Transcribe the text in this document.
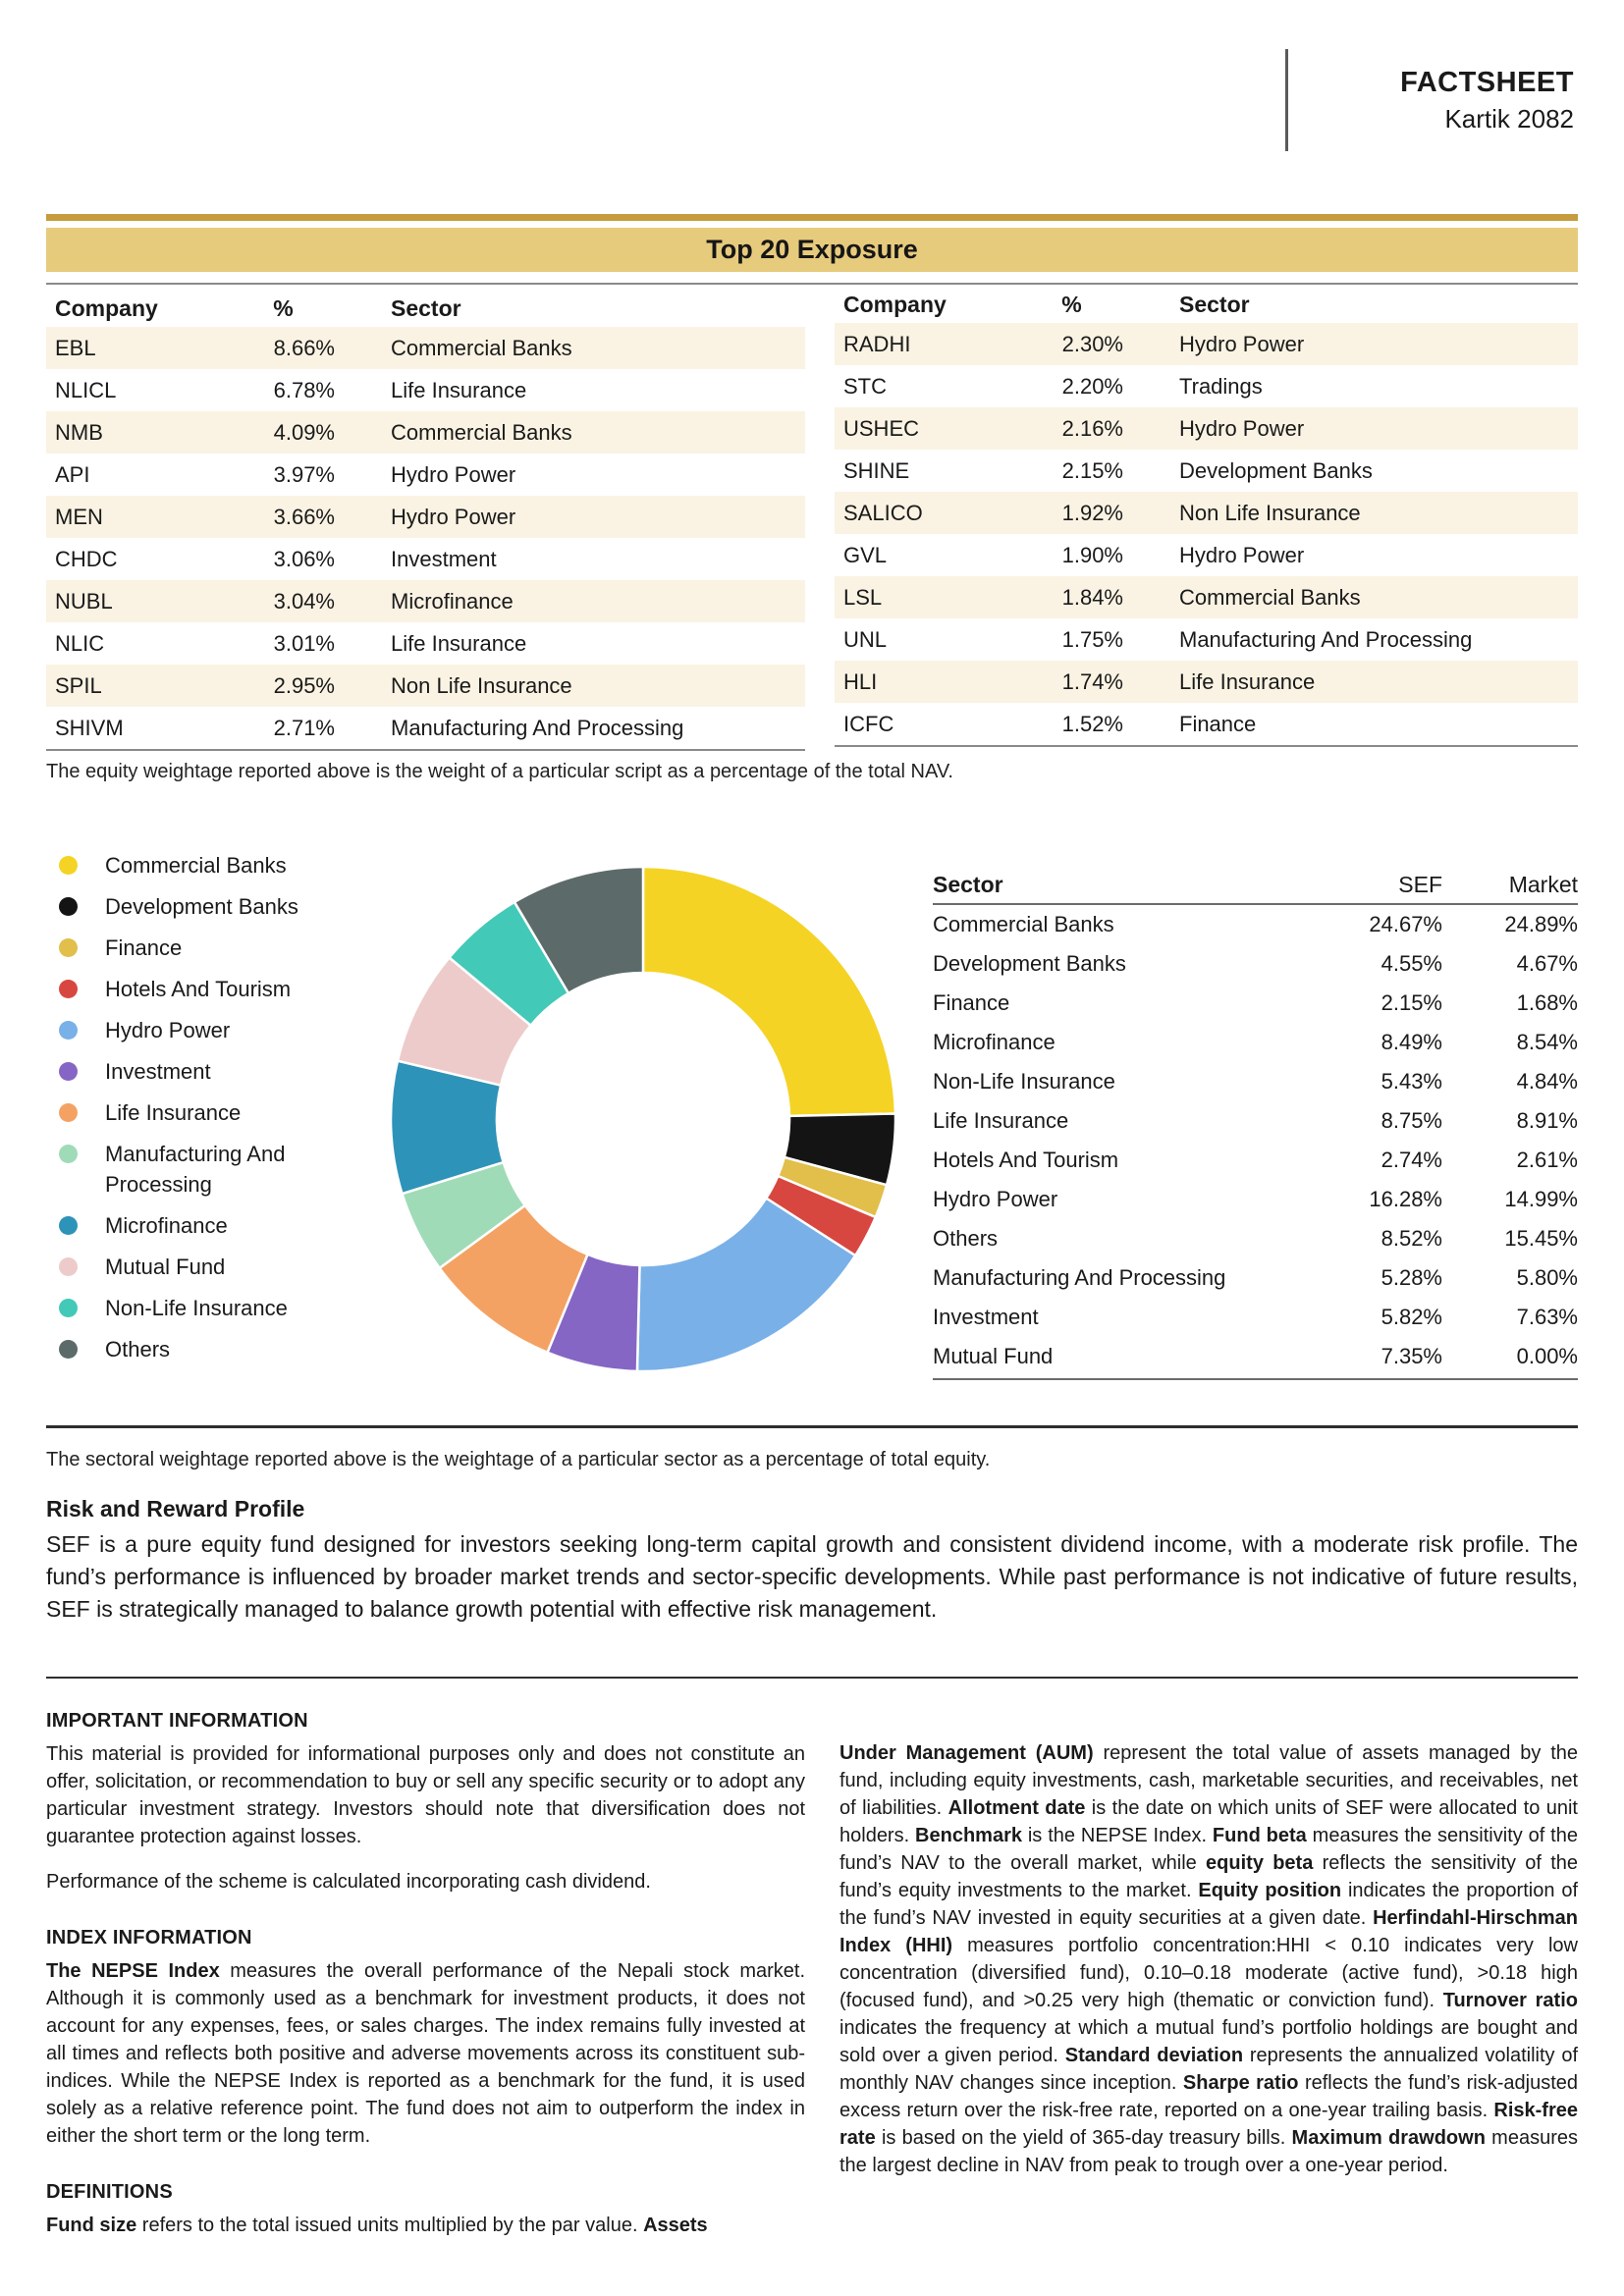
FACTSHEET
Kartik 2082
Top 20 Exposure
Company	%	Sector
EBL	8.66%	Commercial Banks
NLICL	6.78%	Life Insurance
NMB	4.09%	Commercial Banks
API	3.97%	Hydro Power
MEN	3.66%	Hydro Power
CHDC	3.06%	Investment
NUBL	3.04%	Microfinance
NLIC	3.01%	Life Insurance
SPIL	2.95%	Non Life Insurance
SHIVM	2.71%	Manufacturing And Processing
Company	%	Sector
RADHI	2.30%	Hydro Power
STC	2.20%	Tradings
USHEC	2.16%	Hydro Power
SHINE	2.15%	Development Banks
SALICO	1.92%	Non Life Insurance
GVL	1.90%	Hydro Power
LSL	1.84%	Commercial Banks
UNL	1.75%	Manufacturing And Processing
HLI	1.74%	Life Insurance
ICFC	1.52%	Finance
The equity weightage reported above is the weight of a particular script as a percentage of the total NAV.
Commercial Banks
Development Banks
Finance
Hotels And Tourism
Hydro Power
Investment
Life Insurance
Manufacturing And Processing
Microfinance
Mutual Fund
Non-Life Insurance
Others
Sector	SEF	Market
Commercial Banks	24.67%	24.89%
Development Banks	4.55%	4.67%
Finance	2.15%	1.68%
Microfinance	8.49%	8.54%
Non-Life Insurance	5.43%	4.84%
Life Insurance	8.75%	8.91%
Hotels And Tourism	2.74%	2.61%
Hydro Power	16.28%	14.99%
Others	8.52%	15.45%
Manufacturing And Processing	5.28%	5.80%
Investment	5.82%	7.63%
Mutual Fund	7.35%	0.00%
The sectoral weightage reported above is the weightage of a particular sector as a percentage of total equity.
Risk and Reward Profile
SEF is a pure equity fund designed for investors seeking long-term capital growth and consistent dividend income, with a moderate risk profile. The fund’s performance is influenced by broader market trends and sector-specific developments. While past performance is not indicative of future results, SEF is strategically managed to balance growth potential with effective risk management.
IMPORTANT INFORMATION

This material is provided for informational purposes only and does not constitute an offer, solicitation, or recommendation to buy or sell any specific security or to adopt any particular investment strategy. Investors should note that diversification does not guarantee protection against losses.

Performance of the scheme is calculated incorporating cash dividend.

INDEX INFORMATION

The NEPSE Index measures the overall performance of the Nepali stock market. Although it is commonly used as a benchmark for investment products, it does not account for any expenses, fees, or sales charges. The index remains fully invested at all times and reflects both positive and adverse movements across its constituent sub-indices. While the NEPSE Index is reported as a benchmark for the fund, it is used solely as a relative reference point. The fund does not aim to outperform the index in either the short term or the long term.

DEFINITIONS

Fund size refers to the total issued units multiplied by the par value. Assets

Under Management (AUM) represent the total value of assets managed by the fund, including equity investments, cash, marketable securities, and receivables, net of liabilities. Allotment date is the date on which units of SEF were allocated to unit holders. Benchmark is the NEPSE Index. Fund beta measures the sensitivity of the fund’s NAV to the overall market, while equity beta reflects the sensitivity of the fund’s equity investments to the market. Equity position indicates the proportion of the fund’s NAV invested in equity securities at a given date. Herfindahl-Hirschman Index (HHI) measures portfolio concentration:HHI < 0.10 indicates very low concentration (diversified fund), 0.10–0.18 moderate (active fund), >0.18 high (focused fund), and >0.25 very high (thematic or conviction fund). Turnover ratio indicates the frequency at which a mutual fund’s portfolio holdings are bought and sold over a given period. Standard deviation represents the annualized volatility of monthly NAV changes since inception. Sharpe ratio reflects the fund’s risk-adjusted excess return over the risk-free rate, reported on a one-year trailing basis. Risk-free rate is based on the yield of 365-day treasury bills. Maximum drawdown measures the largest decline in NAV from peak to trough over a one-year period.
